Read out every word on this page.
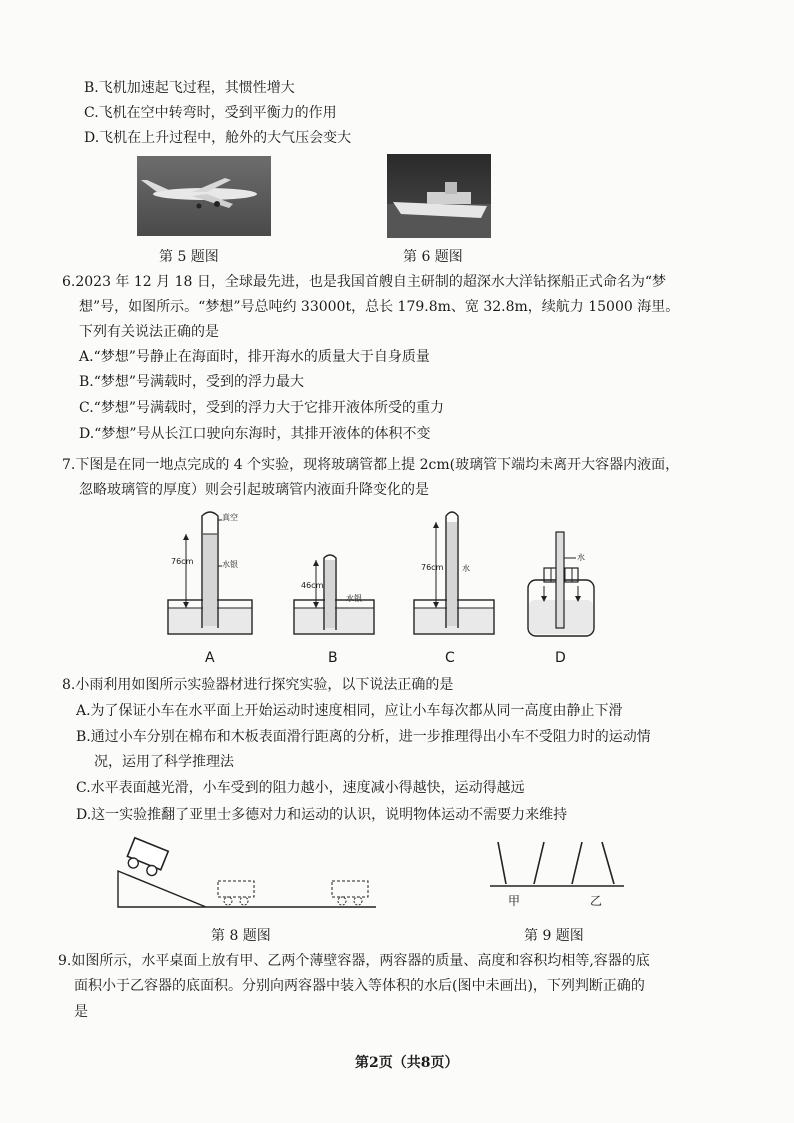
B.飞机加速起飞过程，其惯性增大
C.飞机在空中转弯时，受到平衡力的作用
D.飞机在上升过程中，舱外的大气压会变大
第 5 题图	第 6 题图
6.2023 年 12 月 18 日，全球最先进，也是我国首艘自主研制的超深水大洋钻探船正式命名为“梦
想”号，如图所示。“梦想”号总吨约 33000t，总长 179.8m、宽 32.8m，续航力 15000 海里。
下列有关说法正确的是
A.“梦想”号静止在海面时，排开海水的质量大于自身质量
B.“梦想”号满载时，受到的浮力最大
C.“梦想”号满载时，受到的浮力大于它排开液体所受的重力
D.“梦想”号从长江口驶向东海时，其排开液体的体积不变
7.下图是在同一地点完成的 4 个实验，现将玻璃管都上提 2cm(玻璃管下端均未离开大容器内液面，
忽略玻璃管的厚度）则会引起玻璃管内液面升降变化的是
76cm
真空
水银
A
46cm
水银
B
76cm 水
C
水
D
8.小雨利用如图所示实验器材进行探究实验，以下说法正确的是
A.为了保证小车在水平面上开始运动时速度相同，应让小车每次都从同一高度由静止下滑
B.通过小车分别在棉布和木板表面滑行距离的分析，进一步推理得出小车不受阻力时的运动情
况，运用了科学推理法
C.水平表面越光滑，小车受到的阻力越小，速度减小得越快，运动得越远
D.这一实验推翻了亚里士多德对力和运动的认识，说明物体运动不需要力来维持
甲	乙
第 8 题图	第 9 题图
9.如图所示，水平桌面上放有甲、乙两个薄壁容器，两容器的质量、高度和容积均相等,容器的底
面积小于乙容器的底面积。分别向两容器中装入等体积的水后(图中未画出)，下列判断正确的
是
第2页（共8页）
